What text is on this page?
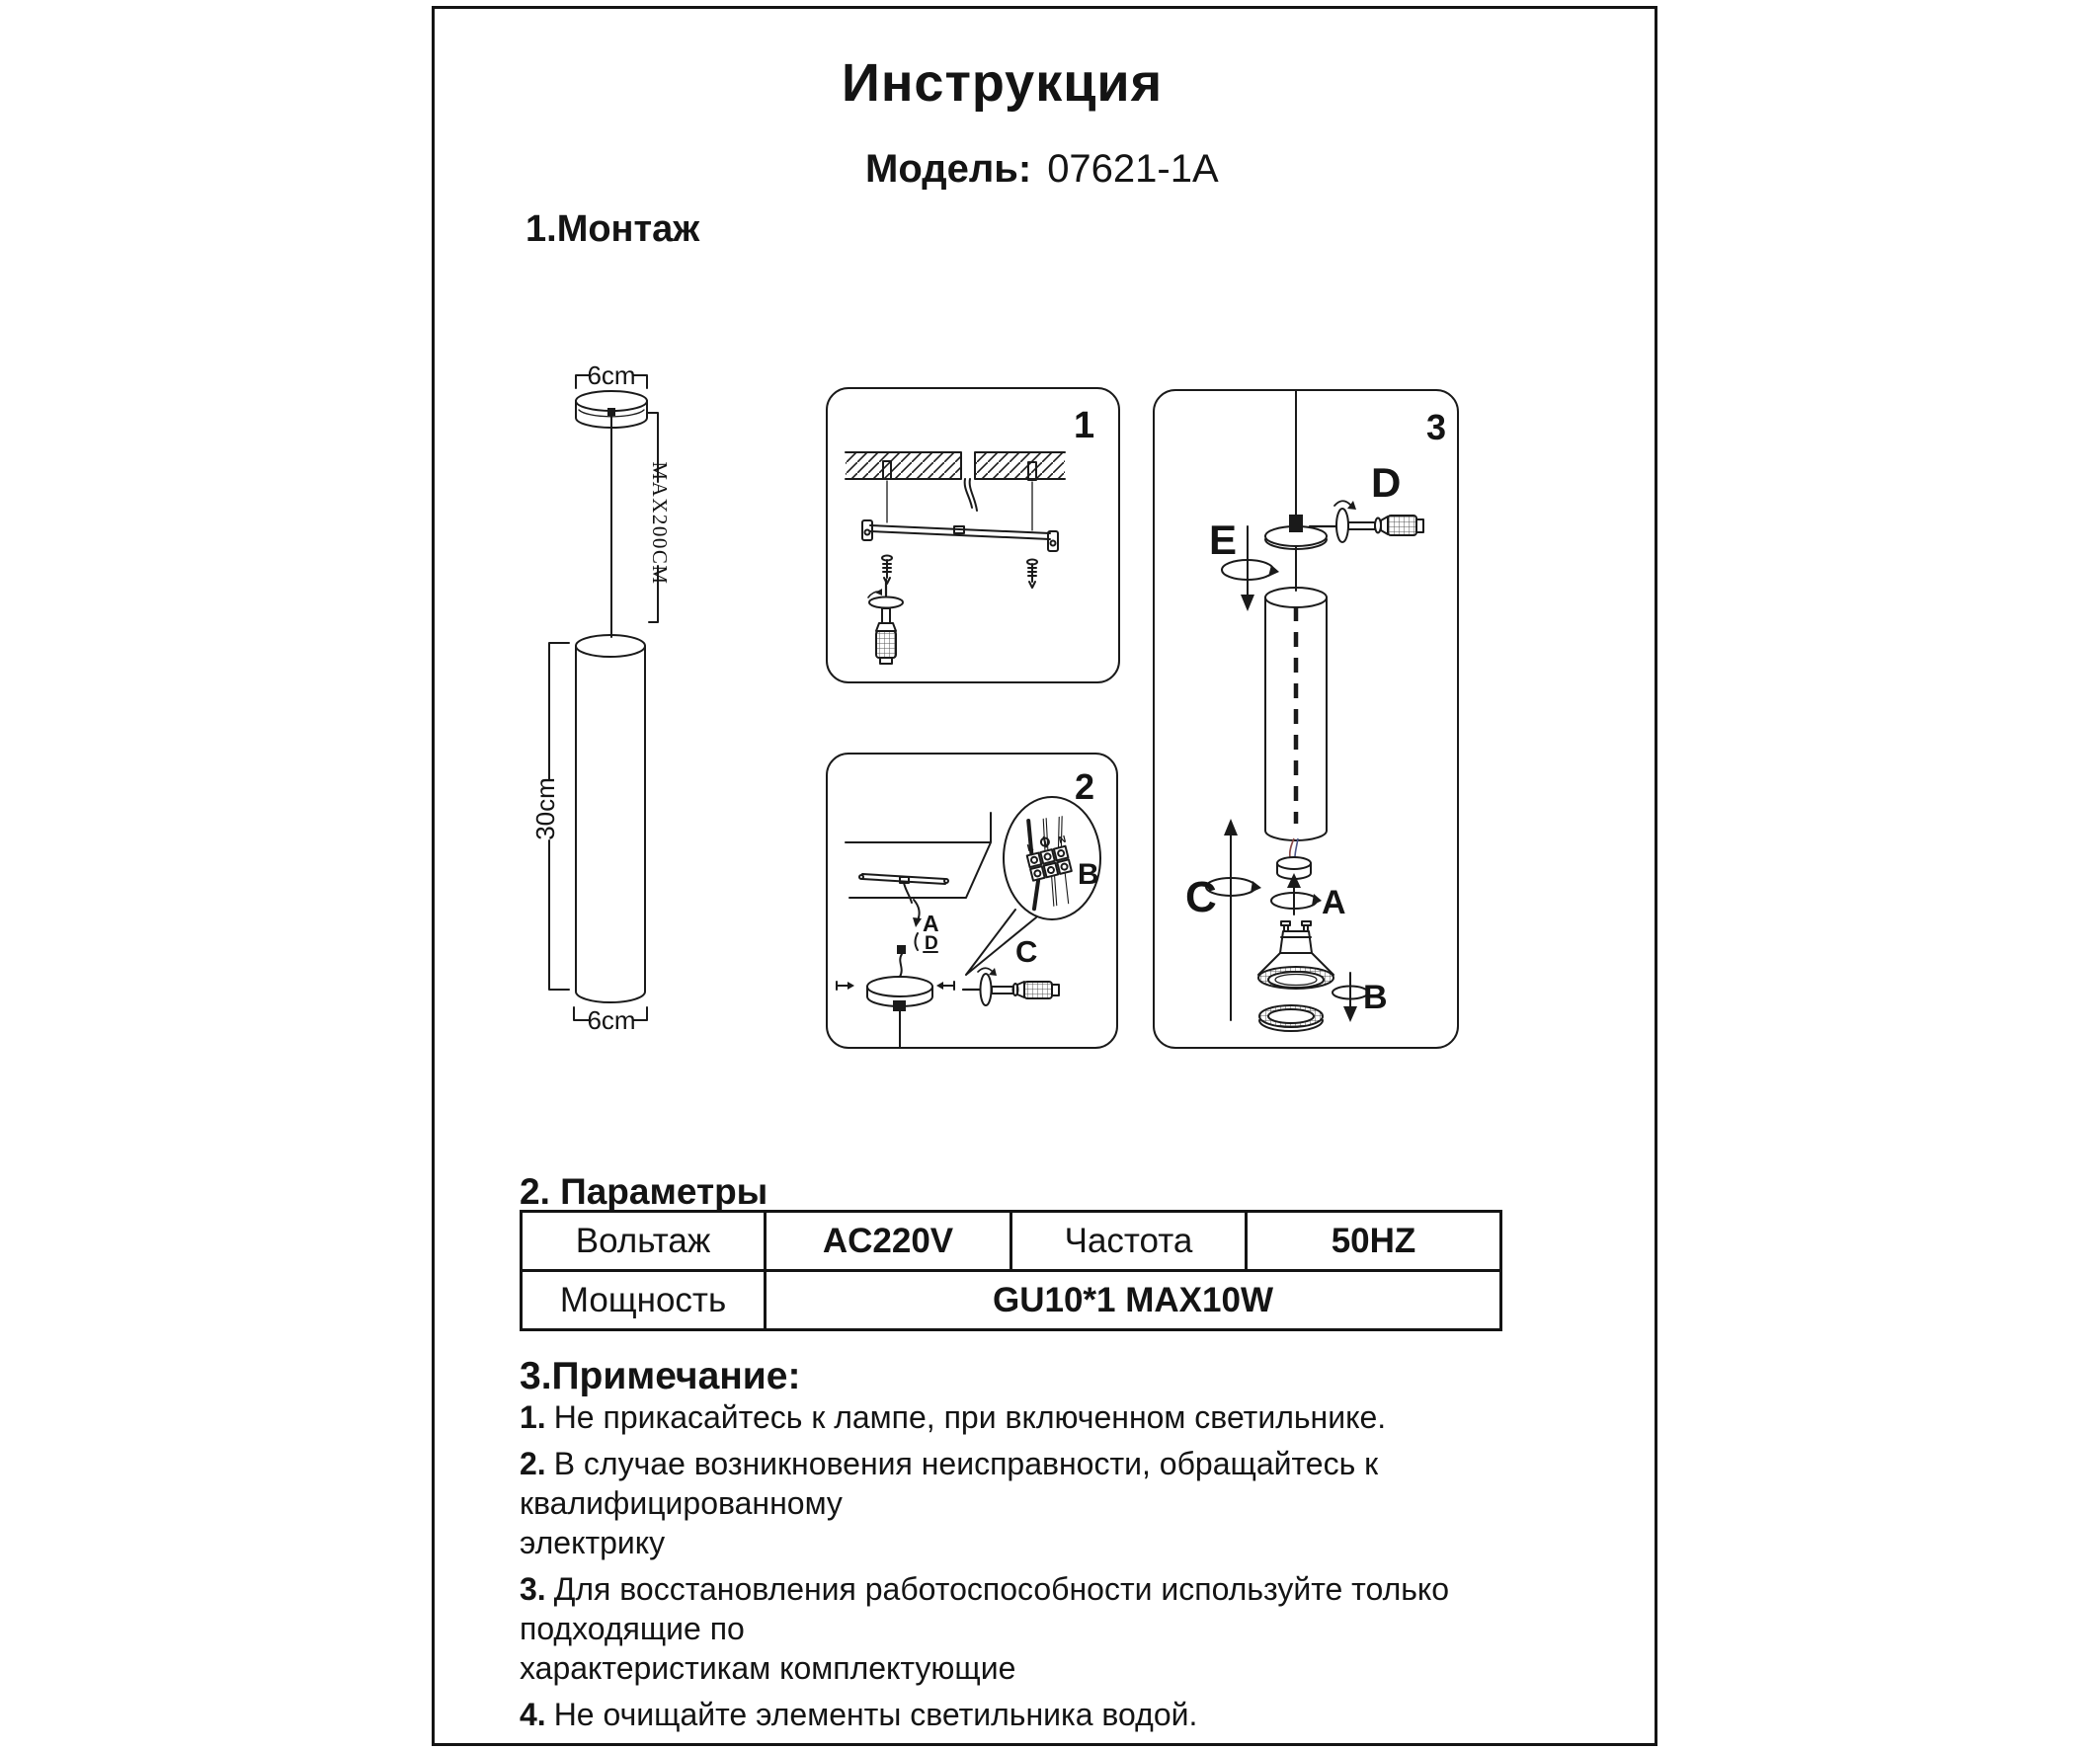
Инструкция
Модель: 07621-1A
1.Монтаж
6cm
MAX200CM
30cm
6cm
1
2
A
D	C
L
N
B
3
D
E
A
B
C
2. Параметры
Вольтаж	AC220V	Частота	50HZ
Мощность	GU10*1 MAX10W		
3.Примечание:

1. Не прикасайтесь к лампе, при включенном светильнике.

2. В случае возникновения неисправности, обращайтесь к квалифицированному
электрику

3. Для восстановления работоспособности используйте только подходящие по
характеристикам комплектующие

4. Не очищайте элементы светильника водой.
